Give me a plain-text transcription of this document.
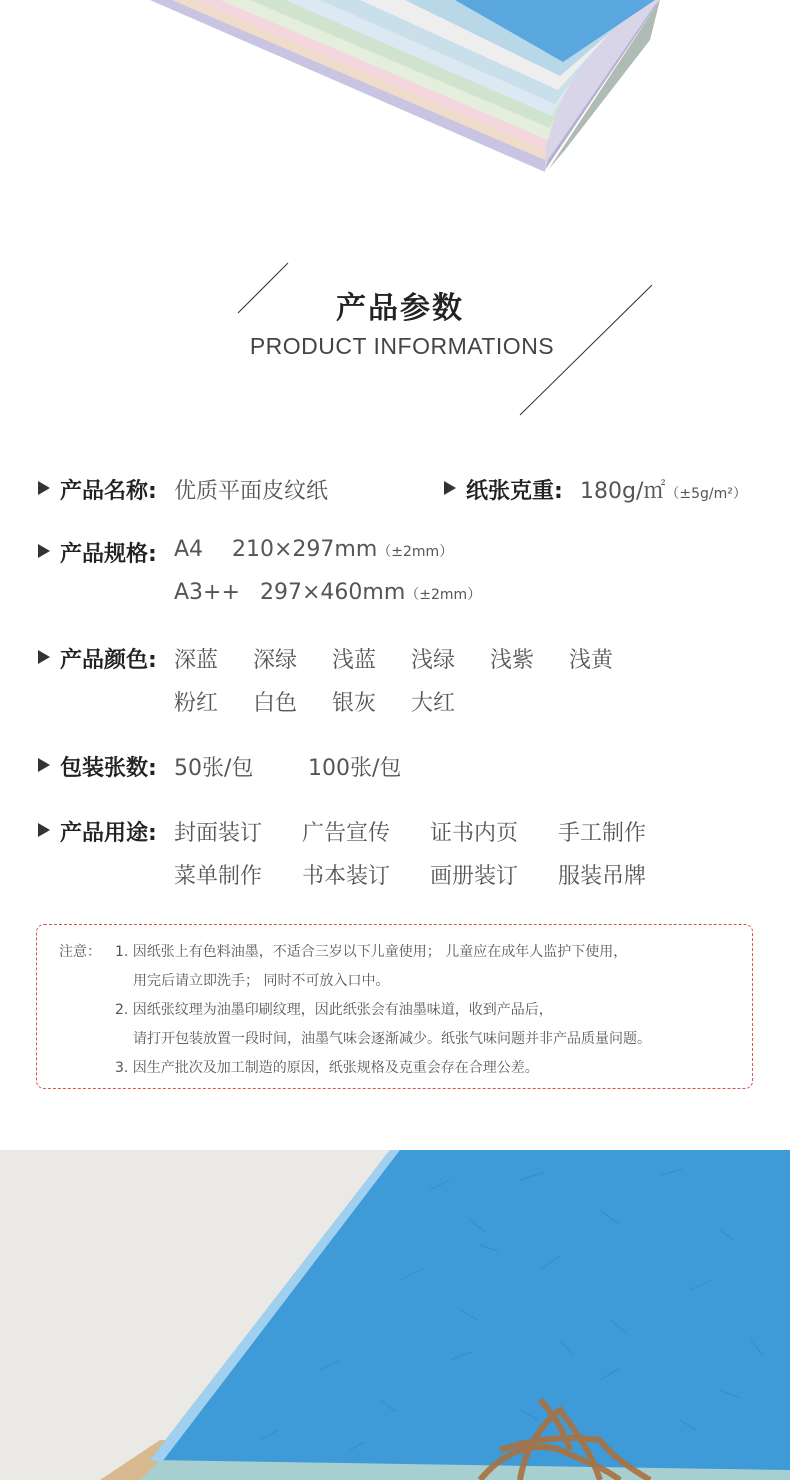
产品参数
PRODUCT INFORMATIONS
产品名称: 优质平面皮纹纸	纸张克重: 180g/㎡（±5g/m²）
产品规格: A4 210×297mm（±2mm）
A3++ 297×460mm（±2mm）
产品颜色: 深蓝 深绿 浅蓝 浅绿 浅紫 浅黄
粉红 白色 银灰 大红
包装张数: 50张/包 100张/包
产品用途: 封面装订 广告宣传 证书内页 手工制作
菜单制作 书本装订 画册装订 服装吊牌
注意： 1. 因纸张上有色料油墨，不适合三岁以下儿童使用； 儿童应在成年人监护下使用，
用完后请立即洗手； 同时不可放入口中。
2. 因纸张纹理为油墨印刷纹理，因此纸张会有油墨味道，收到产品后，
请打开包装放置一段时间，油墨气味会逐渐减少。纸张气味问题并非产品质量问题。
3. 因生产批次及加工制造的原因，纸张规格及克重会存在合理公差。
